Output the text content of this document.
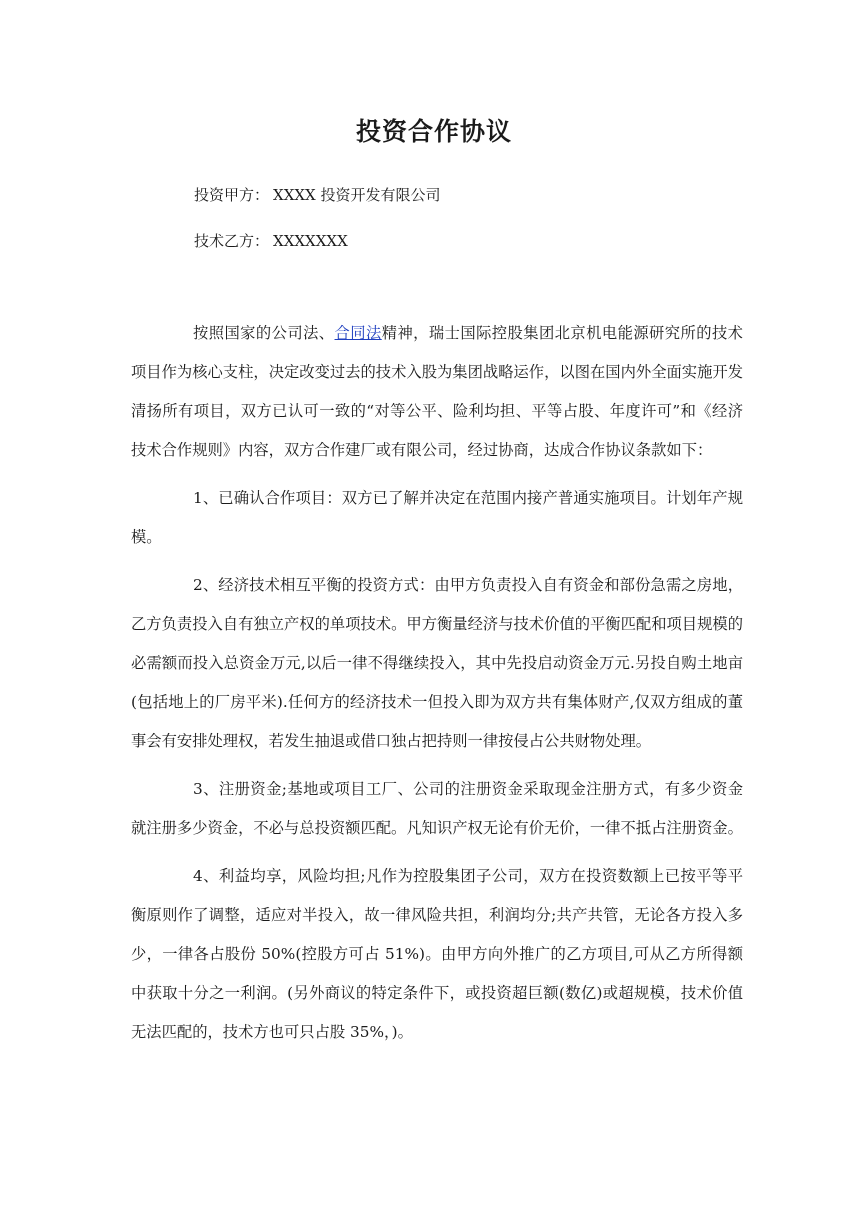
投资合作协议
投资甲方： XXXX 投资开发有限公司
技术乙方： XXXXXXX

按照国家的公司法、合同法精神，瑞士国际控股集团北京机电能源研究所的技术项目作为核心支柱，决定改变过去的技术入股为集团战略运作，以图在国内外全面实施开发清扬所有项目，双方已认可一致的“对等公平、险利均担、平等占股、年度许可”和《经济技术合作规则》内容，双方合作建厂或有限公司，经过协商，达成合作协议条款如下：

1、已确认合作项目：双方已了解并决定在范围内接产普通实施项目。计划年产规模。

2、经济技术相互平衡的投资方式：由甲方负责投入自有资金和部份急需之房地，乙方负责投入自有独立产权的单项技术。甲方衡量经济与技术价值的平衡匹配和项目规模的必需额而投入总资金万元,以后一律不得继续投入，其中先投启动资金万元.另投自购土地亩(包括地上的厂房平米).任何方的经济技术一但投入即为双方共有集体财产,仅双方组成的董事会有安排处理权，若发生抽退或借口独占把持则一律按侵占公共财物处理。

3、注册资金;基地或项目工厂、公司的注册资金采取现金注册方式，有多少资金就注册多少资金，不必与总投资额匹配。凡知识产权无论有价无价，一律不抵占注册资金。

4、利益均享，风险均担;凡作为控股集团子公司，双方在投资数额上已按平等平衡原则作了调整，适应对半投入，故一律风险共担，利润均分;共产共管，无论各方投入多少，一律各占股份 50%(控股方可占 51%)。由甲方向外推广的乙方项目,可从乙方所得额中获取十分之一利润。(另外商议的特定条件下，或投资超巨额(数亿)或超规模，技术价值无法匹配的，技术方也可只占股 35%，)。
